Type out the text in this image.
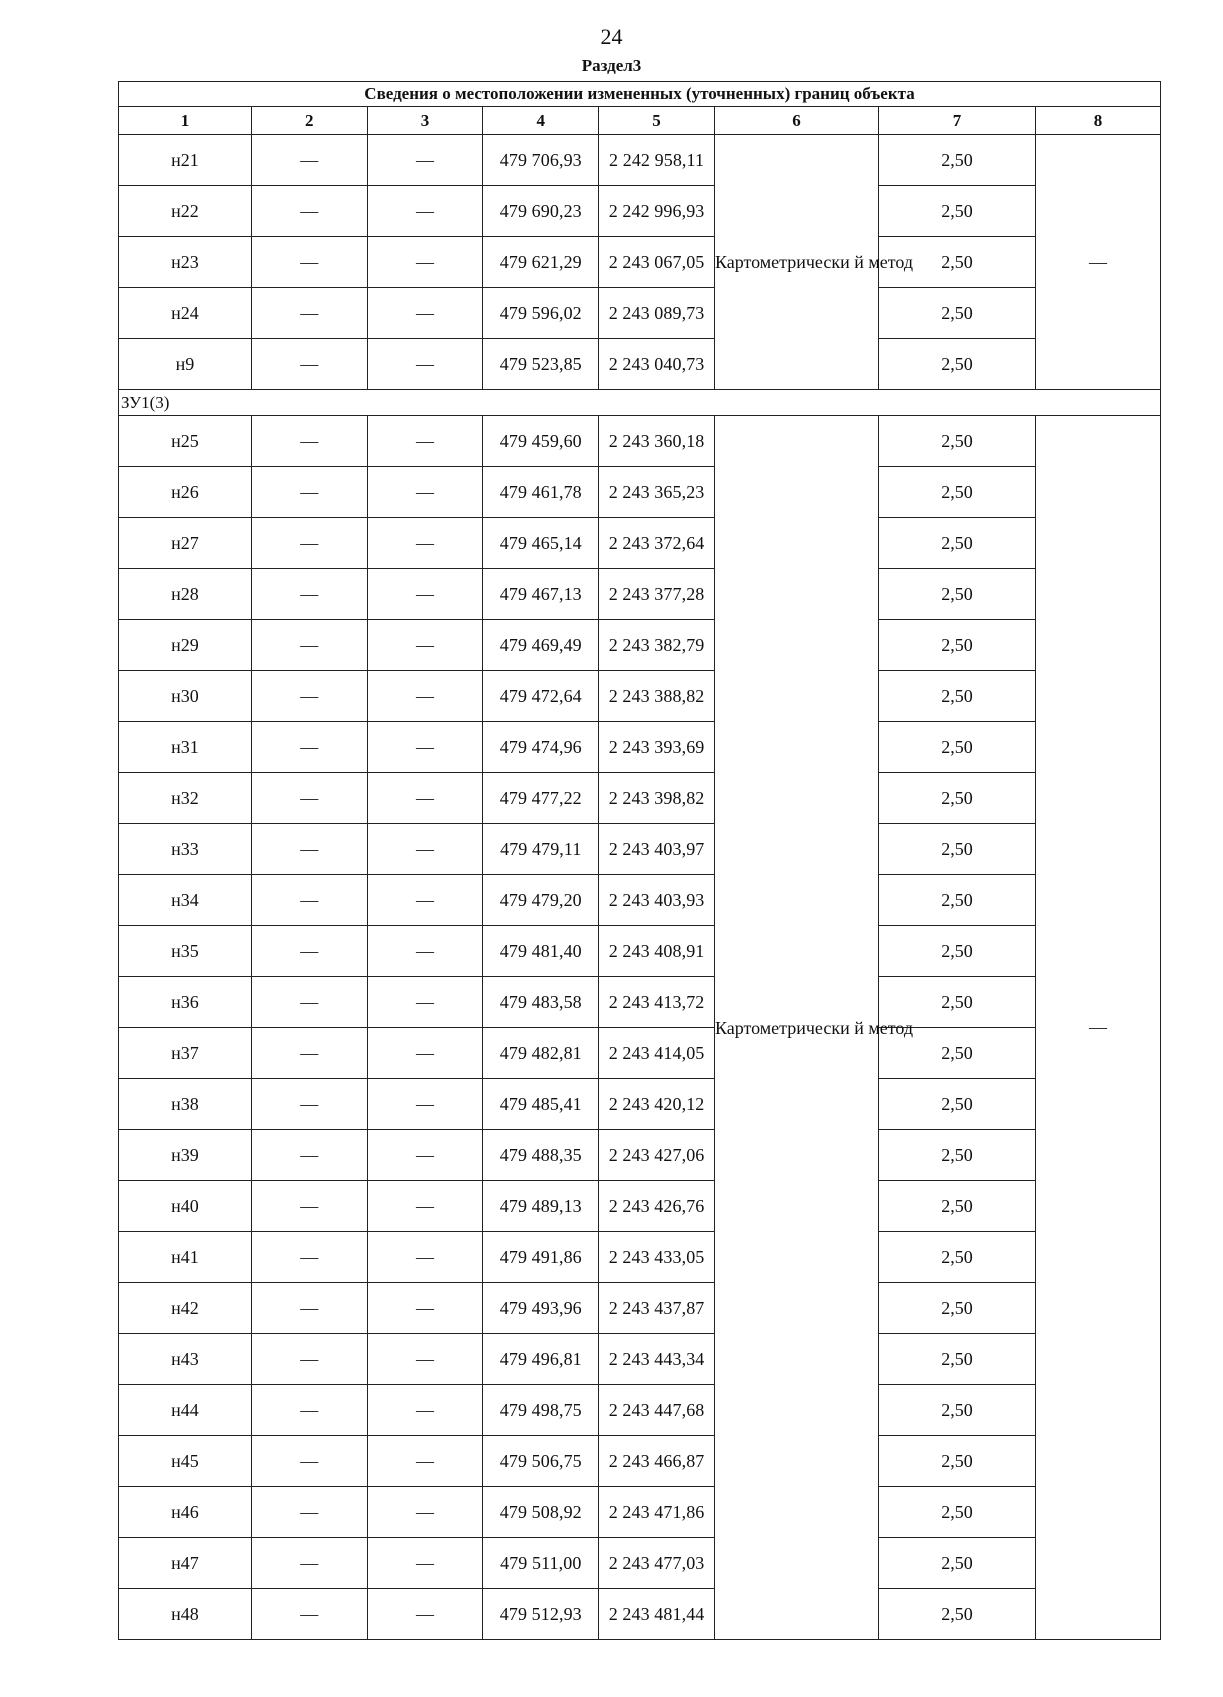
24
Раздел3
Сведения о местоположении измененных (уточненных) границ объекта							
1	2	3	4	5	6	7	8
н21	—	—	479 706,93	2 242 958,11	Картометрически й метод	2,50	—
н22	—	—	479 690,23	2 242 996,93		2,50	
н23	—	—	479 621,29	2 243 067,05		2,50	
н24	—	—	479 596,02	2 243 089,73		2,50	
н9	—	—	479 523,85	2 243 040,73		2,50	
ЗУ1(3)							
н25	—	—	479 459,60	2 243 360,18	Картометрически й метод	2,50	—
н26	—	—	479 461,78	2 243 365,23		2,50	
н27	—	—	479 465,14	2 243 372,64		2,50	
н28	—	—	479 467,13	2 243 377,28		2,50	
н29	—	—	479 469,49	2 243 382,79		2,50	
н30	—	—	479 472,64	2 243 388,82		2,50	
н31	—	—	479 474,96	2 243 393,69		2,50	
н32	—	—	479 477,22	2 243 398,82		2,50	
н33	—	—	479 479,11	2 243 403,97		2,50	
н34	—	—	479 479,20	2 243 403,93		2,50	
н35	—	—	479 481,40	2 243 408,91		2,50	
н36	—	—	479 483,58	2 243 413,72		2,50	
н37	—	—	479 482,81	2 243 414,05		2,50	
н38	—	—	479 485,41	2 243 420,12		2,50	
н39	—	—	479 488,35	2 243 427,06		2,50	
н40	—	—	479 489,13	2 243 426,76		2,50	
н41	—	—	479 491,86	2 243 433,05		2,50	
н42	—	—	479 493,96	2 243 437,87		2,50	
н43	—	—	479 496,81	2 243 443,34		2,50	
н44	—	—	479 498,75	2 243 447,68		2,50	
н45	—	—	479 506,75	2 243 466,87		2,50	
н46	—	—	479 508,92	2 243 471,86		2,50	
н47	—	—	479 511,00	2 243 477,03		2,50	
н48	—	—	479 512,93	2 243 481,44		2,50	
